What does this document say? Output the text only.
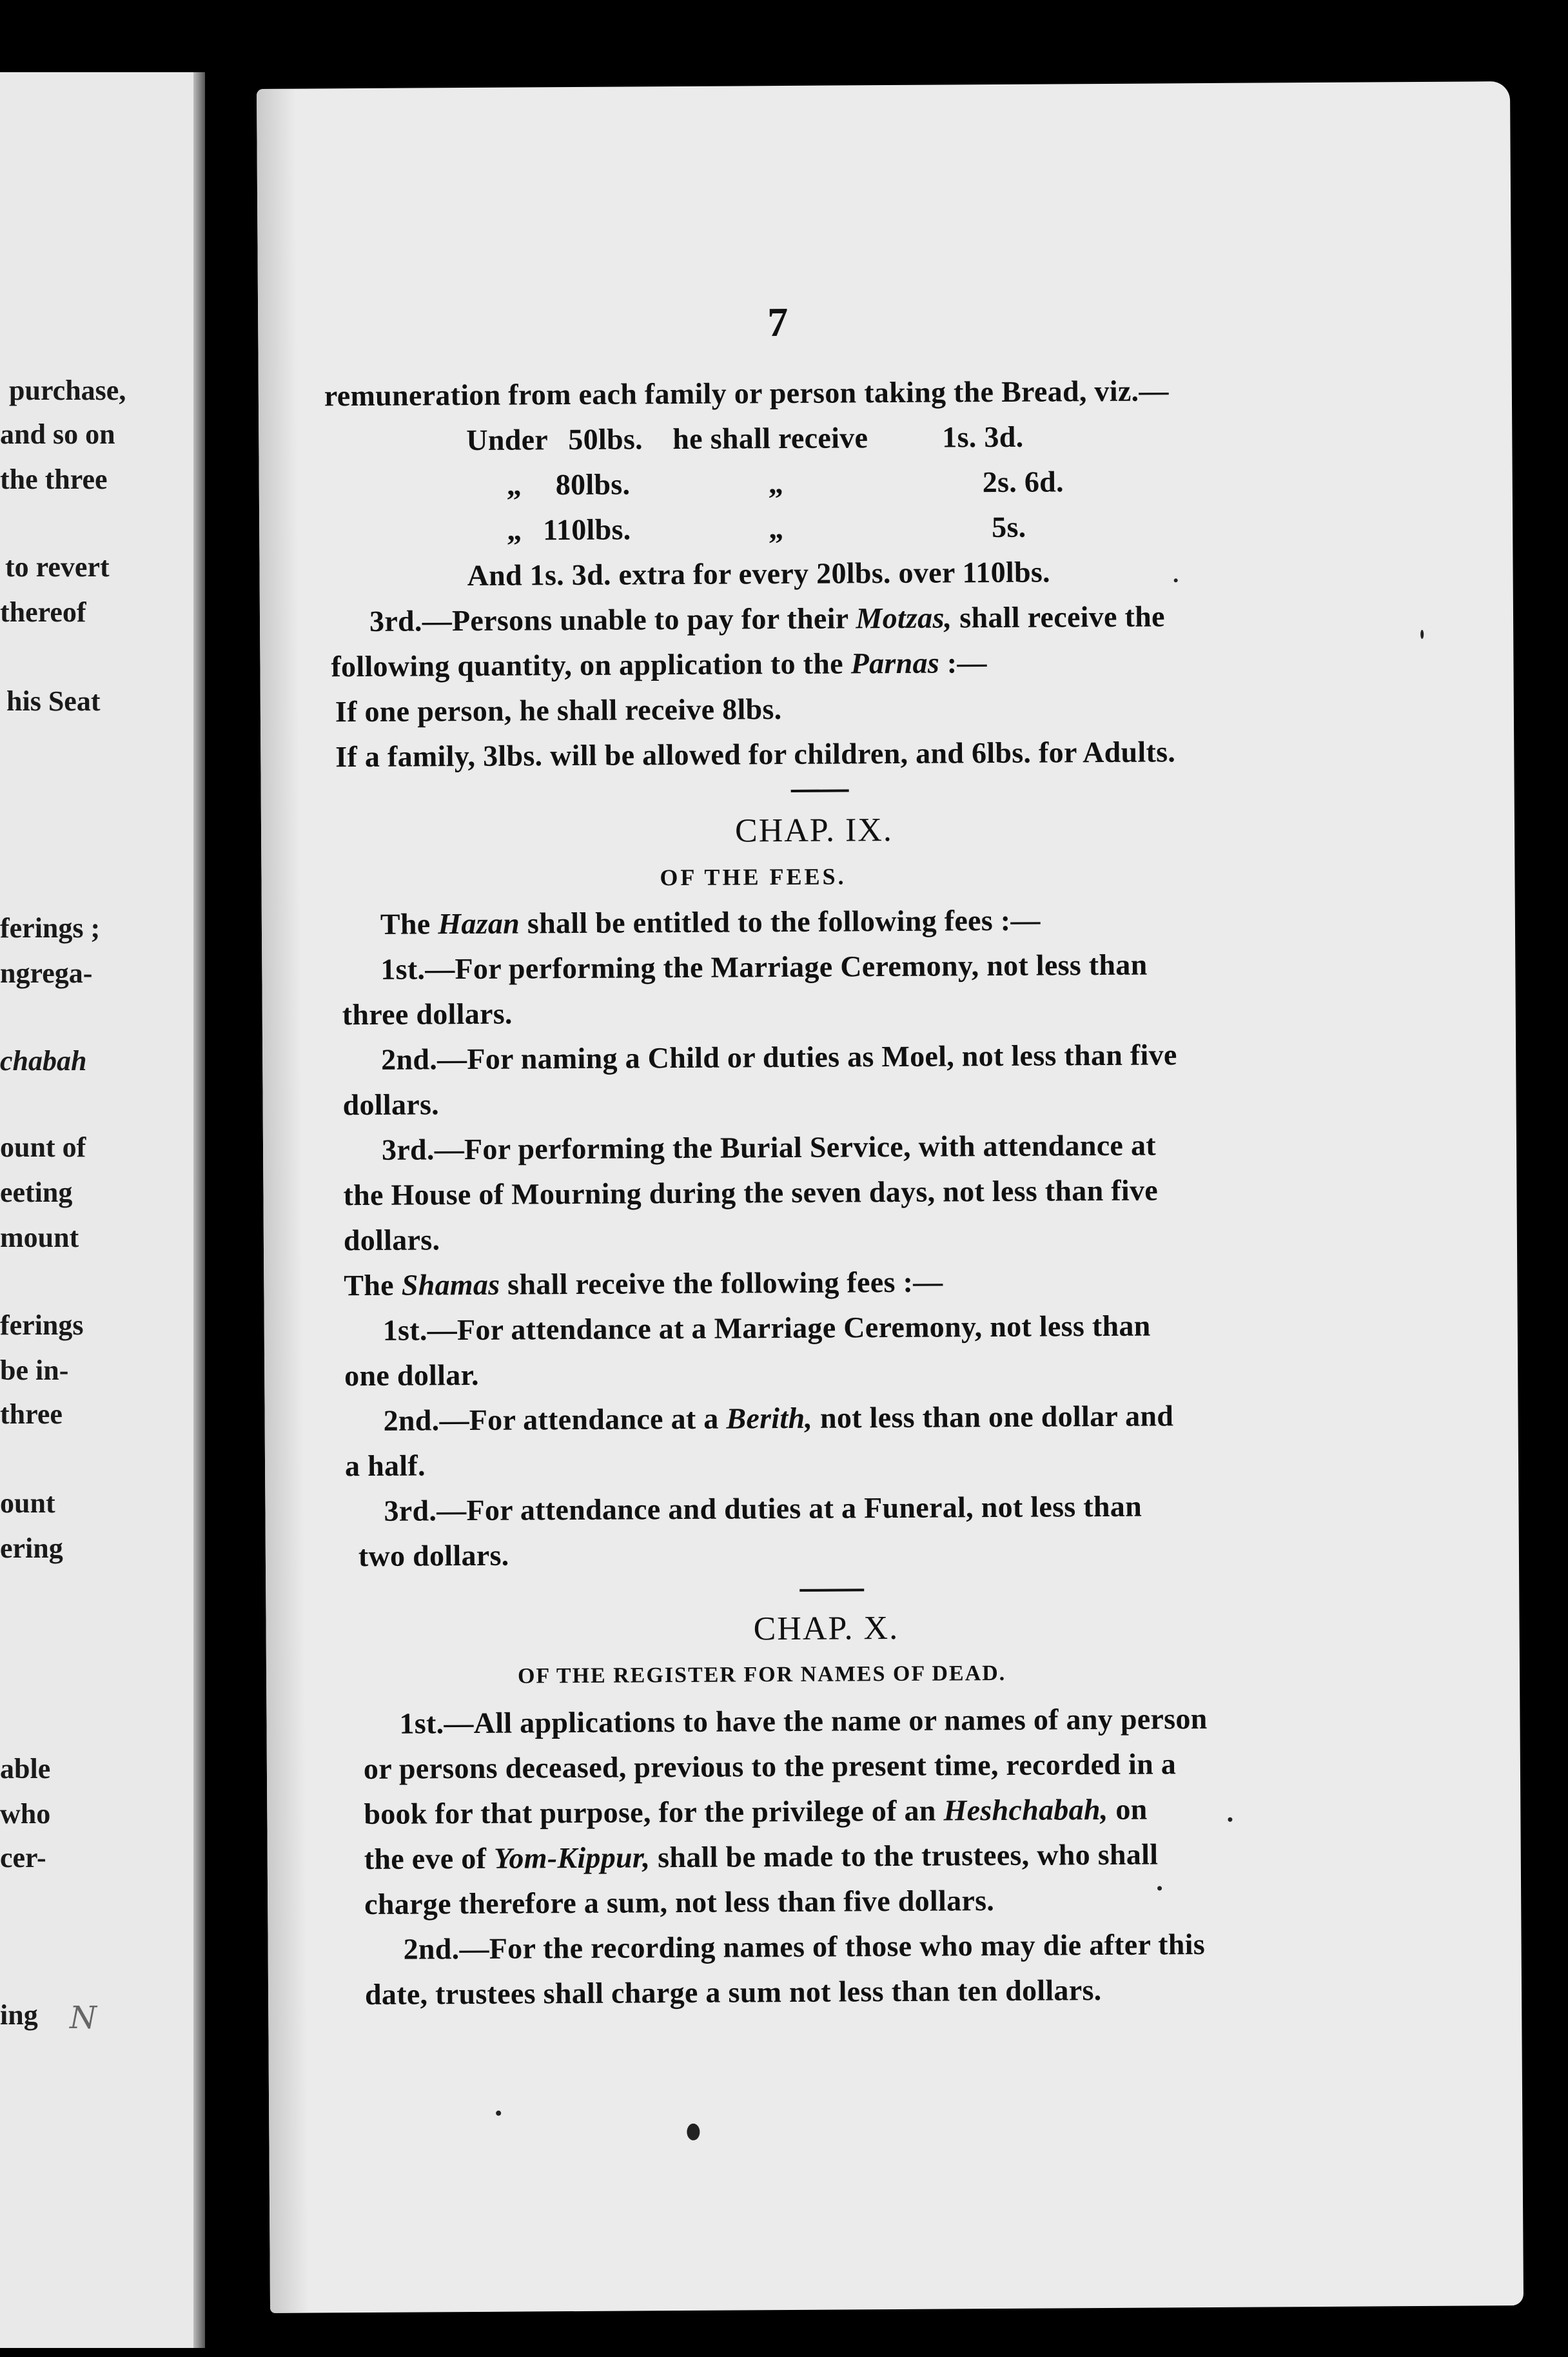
purchase,
and so on
the three
to revert
thereof
his Seat
ferings ;
ngrega-
chabah
ount of
eeting
mount
ferings
be in-
three
ount
ering
able
who
cer-
ing N
7
remuneration from each family or person taking the Bread, viz.—
Under 50lbs. he shall receive 1s. 3d.
„ 80lbs.	„	2s. 6d.
„ 110lbs.	„	5s.
And 1s. 3d. extra for every 20lbs. over 110lbs.
3rd.—Persons unable to pay for their Motzas, shall receive the
following quantity, on application to the Parnas :—
If one person, he shall receive 8lbs.
If a family, 3lbs. will be allowed for children, and 6lbs. for Adults.
CHAP. IX.
OF THE FEES.
The Hazan shall be entitled to the following fees :—
1st.—For performing the Marriage Ceremony, not less than
three dollars.
2nd.—For naming a Child or duties as Moel, not less than five
dollars.
3rd.—For performing the Burial Service, with attendance at
the House of Mourning during the seven days, not less than five
dollars.
The Shamas shall receive the following fees :—
1st.—For attendance at a Marriage Ceremony, not less than
one dollar.
2nd.—For attendance at a Berith, not less than one dollar and
a half.
3rd.—For attendance and duties at a Funeral, not less than
two dollars.
CHAP. X.
OF THE REGISTER FOR NAMES OF DEAD.
1st.—All applications to have the name or names of any person
or persons deceased, previous to the present time, recorded in a
book for that purpose, for the privilege of an Heshchabah, on
the eve of Yom-Kippur, shall be made to the trustees, who shall
charge therefore a sum, not less than five dollars.
2nd.—For the recording names of those who may die after this
date, trustees shall charge a sum not less than ten dollars.
